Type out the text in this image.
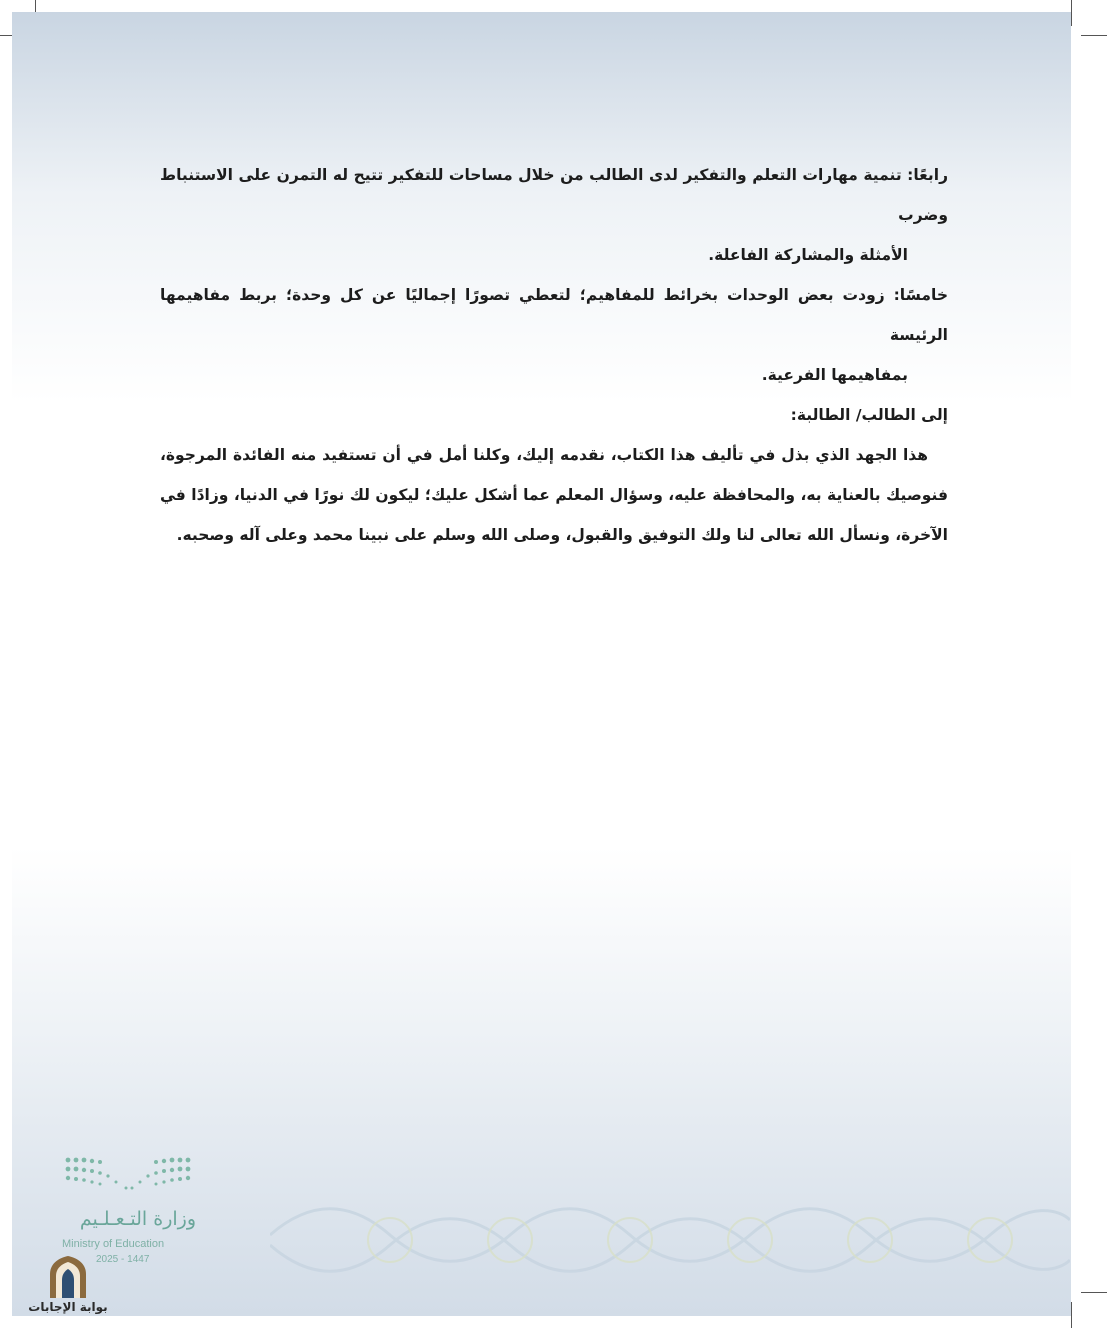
رابعًا: تنمية مهارات التعلم والتفكير لدى الطالب من خلال مساحات للتفكير تتيح له التمرن على الاستنباط وضرب
الأمثلة والمشاركة الفاعلة.

خامسًا: زودت بعض الوحدات بخرائط للمفاهيم؛ لتعطي تصورًا إجماليًا عن كل وحدة؛ بربط مفاهيمها الرئيسة
بمفاهيمها الفرعية.

إلى الطالب/ الطالبة:

هذا الجهد الذي بذل في تأليف هذا الكتاب، نقدمه إليك، وكلنا أمل في أن تستفيد منه الفائدة المرجوة، فنوصيك بالعناية به، والمحافظة عليه، وسؤال المعلم عما أشكل عليك؛ ليكون لك نورًا في الدنيا، وزادًا في الآخرة، ونسأل الله تعالى لنا ولك التوفيق والقبول، وصلى الله وسلم على نبينا محمد وعلى آله وصحبه.

وزارة التـعـلـيم
Ministry of Education
2025 - 1447
بوابة الإجابات
